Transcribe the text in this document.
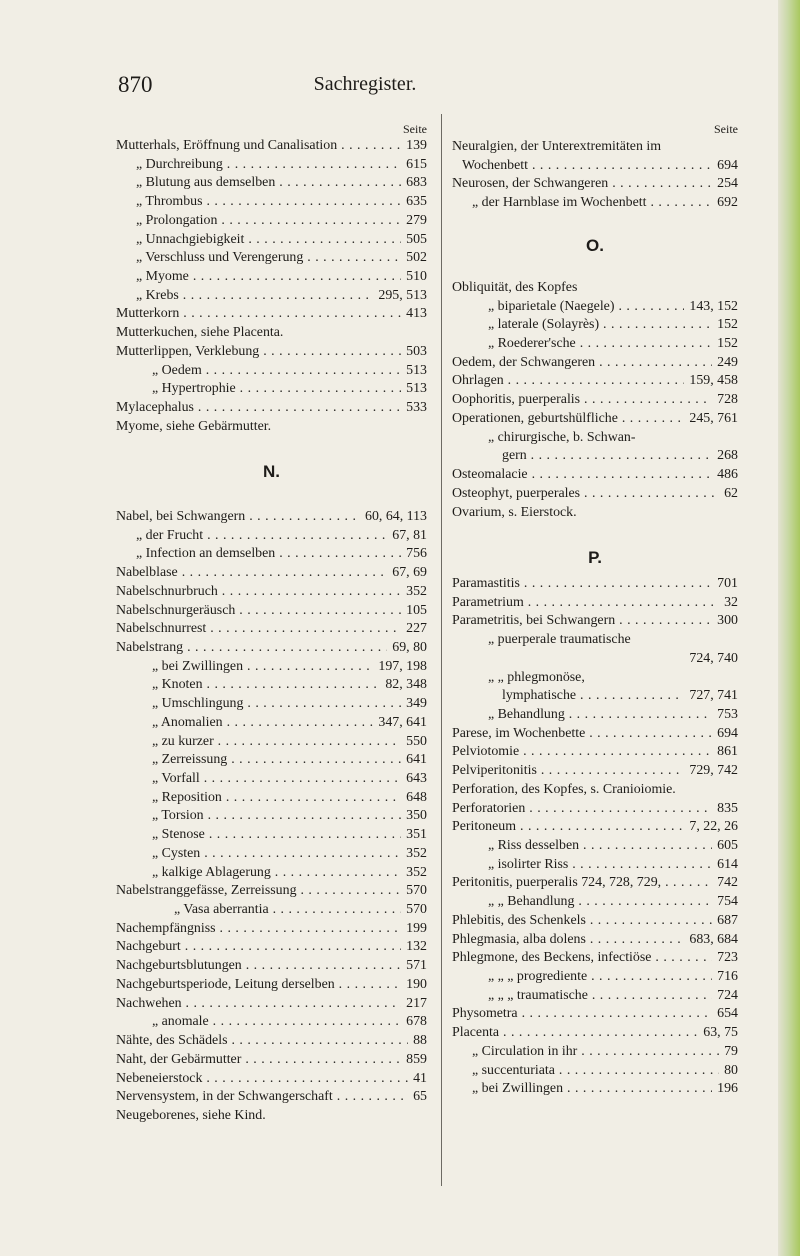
870	Sachregister.
Seite
Mutterhals, Eröffnung und Canalisation . . .	139
„ Durchreibung . . .	615
„ Blutung aus demselben . . .	683
„ Thrombus . . .	635
„ Prolongation . . .	279
„ Unnachgiebigkeit . . .	505
„ Verschluss und Verengerung . . .	502
„ Myome . . .	510
„ Krebs . . .	295, 513
Mutterkorn . . .	413
Mutterkuchen, siehe Placenta.
Mutterlippen, Verklebung . . .	503
„ Oedem . . .	513
„ Hypertrophie . . .	513
Mylacephalus . . .	533
Myome, siehe Gebärmutter.
N.
Nabel, bei Schwangern . . .	60, 64, 113
„ der Frucht . . .	67, 81
„ Infection an demselben . . .	756
Nabelblase . . .	67, 69
Nabelschnurbruch . . .	352
Nabelschnurgeräusch . . .	105
Nabelschnurrest . . .	227
Nabelstrang . . .	69, 80
„ bei Zwillingen . . .	197, 198
„ Knoten . . .	82, 348
„ Umschlingung . . .	349
„ Anomalien . . .	347, 641
„ zu kurzer . . .	550
„ Zerreissung . . .	641
„ Vorfall . . .	643
„ Reposition . . .	648
„ Torsion . . .	350
„ Stenose . . .	351
„ Cysten . . .	352
„ kalkige Ablagerung . . .	352
Nabelstranggefässe, Zerreissung . . .	570
„ Vasa aberrantia . . .	570
Nachempfängniss . . .	199
Nachgeburt . . .	132
Nachgeburtsblutungen . . .	571
Nachgeburtsperiode, Leitung derselben . . .	190
Nachwehen . . .	217
„ anomale . . .	678
Nähte, des Schädels . . .	88
Naht, der Gebärmutter . . .	859
Nebeneierstock . . .	41
Nervensystem, in der Schwangerschaft . . .	65
Neugeborenes, siehe Kind.
Seite
Neuralgien, der Unterextremitäten im
Wochenbett . . .	694
Neurosen, der Schwangeren . . .	254
„ der Harnblase im Wochenbett . . .	692
O.
Obliquität, des Kopfes
„ biparietale (Naegele) . . .	143, 152
„ laterale (Solayrès) . . .	152
„ Roederer'sche . . .	152
Oedem, der Schwangeren . . .	249
Ohrlagen . . .	159, 458
Oophoritis, puerperalis . . .	728
Operationen, geburtshülfliche . . .	245, 761
„ chirurgische, b. Schwan-
gern . . .	268
Osteomalacie . . .	486
Osteophyt, puerperales . . .	62
Ovarium, s. Eierstock.
P.
Paramastitis . . .	701
Parametrium . . .	32
Parametritis, bei Schwangern . . .	300
„ puerperale traumatische
724, 740
„ „ phlegmonöse,
lymphatische . . .	727, 741
„ Behandlung . . .	753
Parese, im Wochenbette . . .	694
Pelviotomie . . .	861
Pelviperitonitis . . .	729, 742
Perforation, des Kopfes, s. Cranioiomie.
Perforatorien . . .	835
Peritoneum . . .	7, 22, 26
„ Riss desselben . . .	605
„ isolirter Riss . . .	614
Peritonitis, puerperalis 724, 728, 729, . . .	742
„ „ Behandlung . . .	754
Phlebitis, des Schenkels . . .	687
Phlegmasia, alba dolens . . .	683, 684
Phlegmone, des Beckens, infectiöse . . .	723
„ „ „ progrediente . . .	716
„ „ „ traumatische . . .	724
Physometra . . .	654
Placenta . . .	63, 75
„ Circulation in ihr . . .	79
„ succenturiata . . .	80
„ bei Zwillingen . . .	196
